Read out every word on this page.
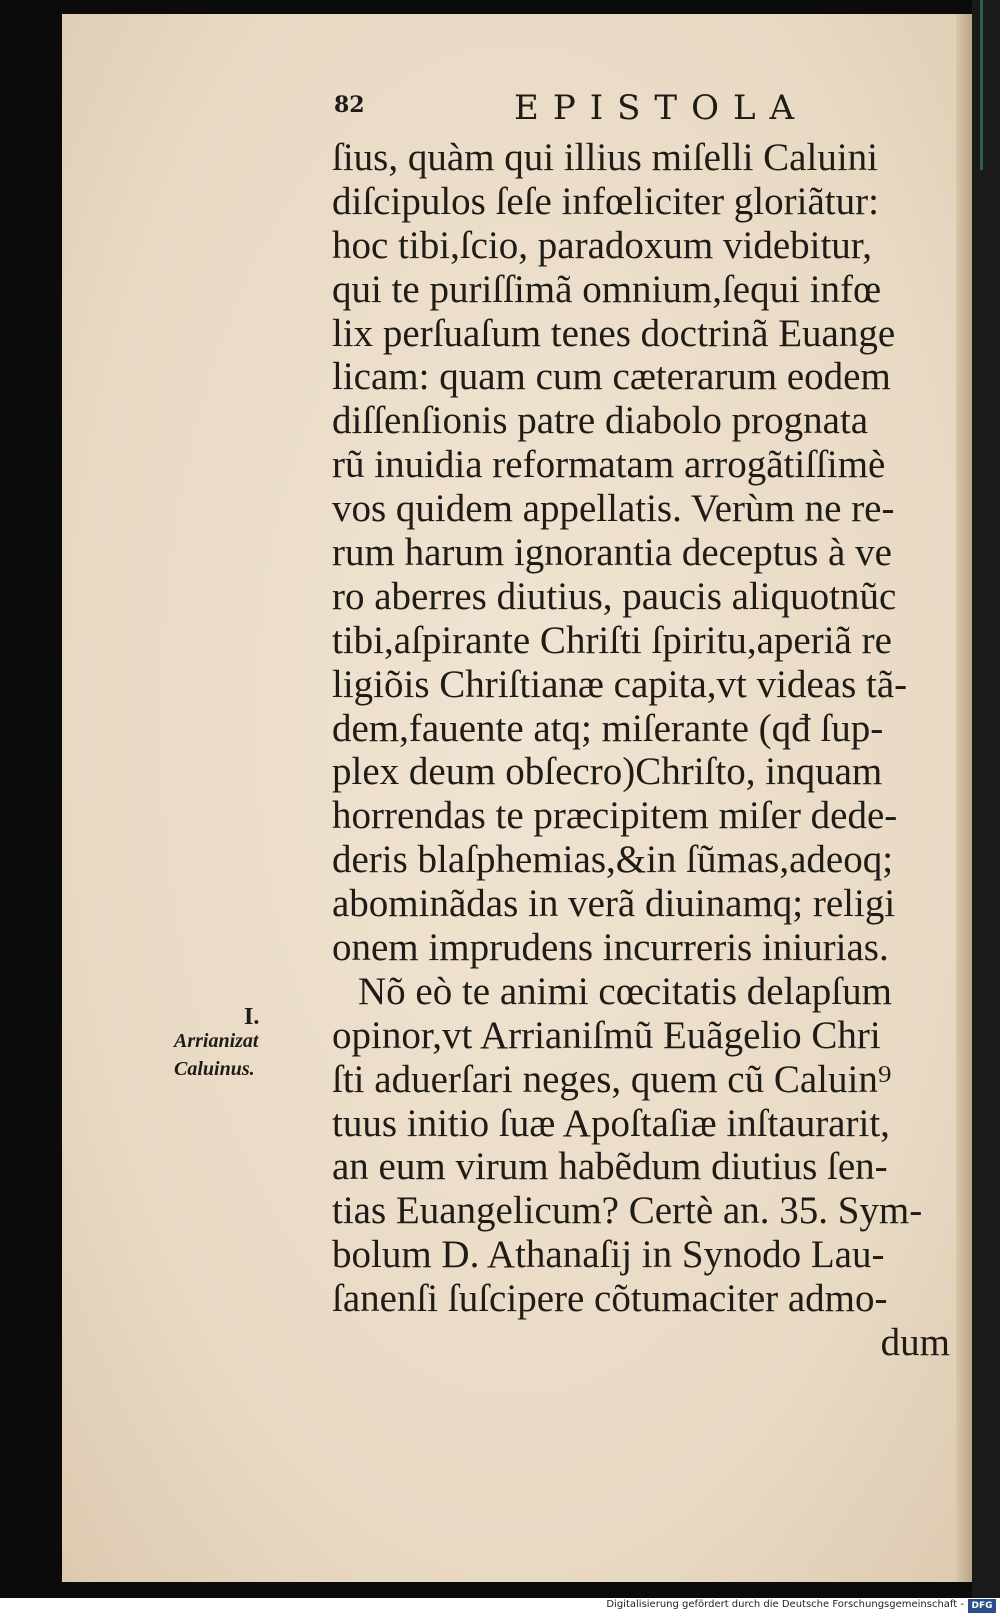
82	EPISTOLA
ſius, quàm qui illius miſelli Caluini
diſcipulos ſeſe infœliciter gloriãtur:
hoc tibi,ſcio, paradoxum videbitur,
qui te puriſſimã omnium,ſequi infœ
lix perſuaſum tenes doctrinã Euange
licam: quam cum cæterarum eodem
diſſenſionis patre diabolo prognata
rũ inuidia reformatam arrogãtiſſimè
vos quidem appellatis. Verùm ne re-
rum harum ignorantia deceptus à ve
ro aberres diutius, paucis aliquotnũc
tibi,aſpirante Chriſti ſpiritu,aperiã re
ligiõis Chriſtianæ capita,vt videas tã-
dem,fauente atq; miſerante (qđ ſup-
plex deum obſecro)Chriſto, inquam
horrendas te præcipitem miſer dede-
deris blaſphemias,&in ſũmas,adeoq;
abominãdas in verã diuinamq; religi
onem imprudens incurreris iniurias.
Nõ eò te animi cœcitatis delapſum
opinor,vt Arrianiſmũ Euãgelio Chri
ſti aduerſari neges, quem cũ Caluin⁹
tuus initio ſuæ Apoſtaſiæ inſtaurarit,
an eum virum habẽdum diutius ſen-
tias Euangelicum? Certè an. 35. Sym-
bolum D. Athanaſij in Synodo Lau-
ſanenſi ſuſcipere cõtumaciter admo-
dum
I.
Arrianizat
Caluinus.
Digitalisierung gefördert durch die Deutsche Forschungsgemeinschaft - DFG
